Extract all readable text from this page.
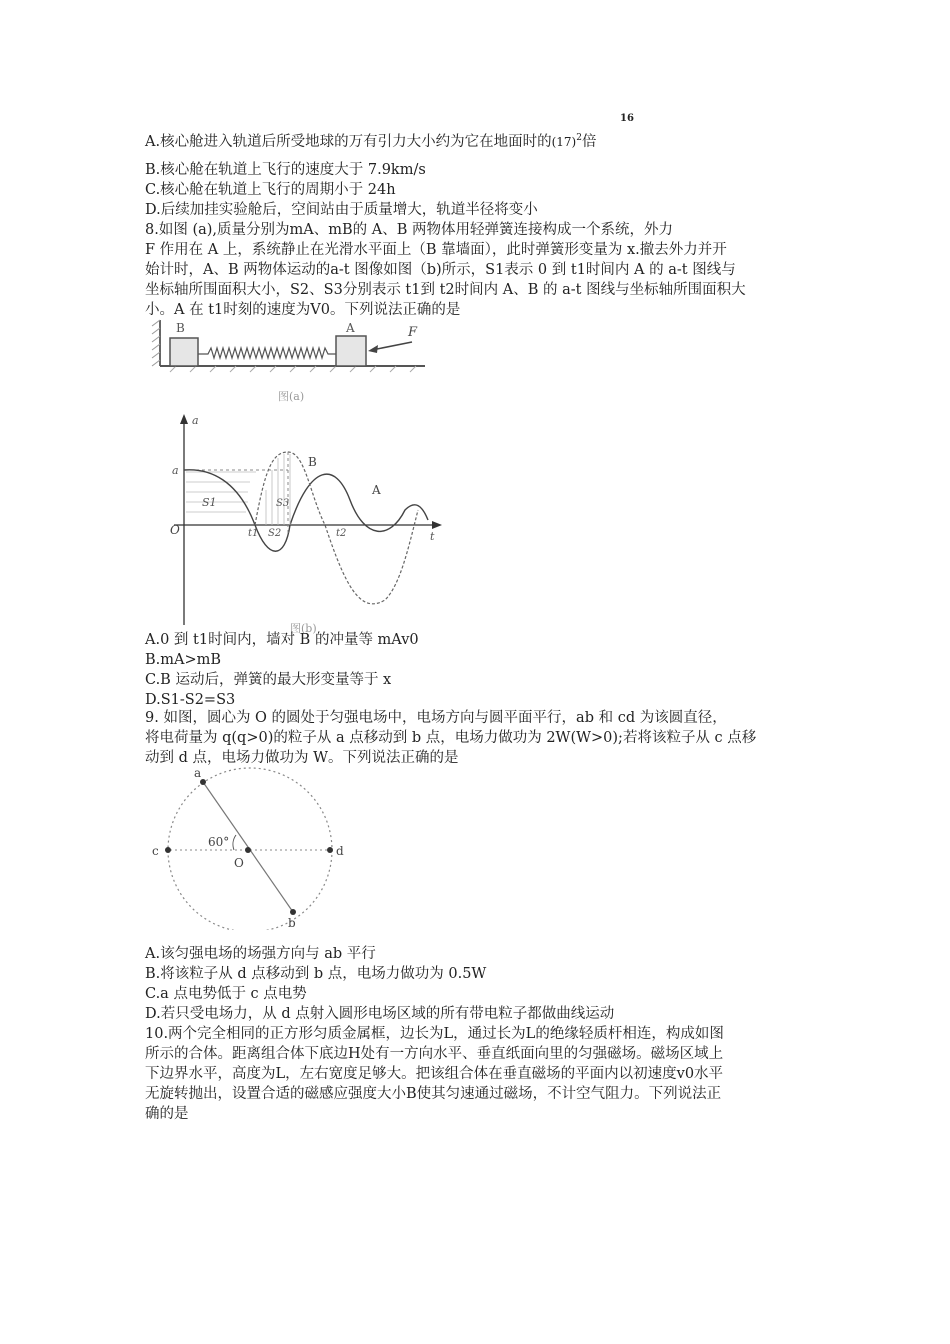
A.核心舱进入轨道后所受地球的万有引力大小约为它在地面时的$(17)^2$倍
16
B.核心舱在轨道上飞行的速度大于 7.9km/s
C.核心舱在轨道上飞行的周期小于 24h
D.后续加挂实验舱后，空间站由于质量增大，轨道半径将变小
8.如图 (a),质量分别为mA、mB的 A、B 两物体用轻弹簧连接构成一个系统，外力
F 作用在 A 上，系统静止在光滑水平面上（B 靠墙面），此时弹簧形变量为 x.撤去外力并开
始计时，A、B 两物体运动的a-t 图像如图（b)所示，S1表示 0 到 t1时间内 A 的 a-t 图线与
坐标轴所围面积大小，S2、S3分别表示 t1到 t2时间内 A、B 的 a-t 图线与坐标轴所围面积大
小。A 在 t1时刻的速度为V0。下列说法正确的是
B	A	F
图(a)
a
t
O
a
B
A
S1
S2
S3
t1	t2
图(b)
A.0 到 t1时间内，墙对 B 的冲量等 mAv0
B.mA>mB
C.B 运动后，弹簧的最大形变量等于 x
D.S1-S2=S3
9. 如图，圆心为 O 的圆处于匀强电场中，电场方向与圆平面平行，ab 和 cd 为该圆直径，
将电荷量为 q(q>0)的粒子从 a 点移动到 b 点，电场力做功为 2W(W>0);若将该粒子从 c 点移
动到 d 点，电场力做功为 W。下列说法正确的是
a
b
c	d
O
60°
A.该匀强电场的场强方向与 ab 平行
B.将该粒子从 d 点移动到 b 点，电场力做功为 0.5W
C.a 点电势低于 c 点电势
D.若只受电场力，从 d 点射入圆形电场区域的所有带电粒子都做曲线运动
10.两个完全相同的正方形匀质金属框，边长为L，通过长为L的绝缘轻质杆相连，构成如图
所示的合体。距离组合体下底边H处有一方向水平、垂直纸面向里的匀强磁场。磁场区域上
下边界水平，高度为L，左右宽度足够大。把该组合体在垂直磁场的平面内以初速度v0水平
无旋转抛出，设置合适的磁感应强度大小B使其匀速通过磁场，不计空气阻力。下列说法正
确的是
